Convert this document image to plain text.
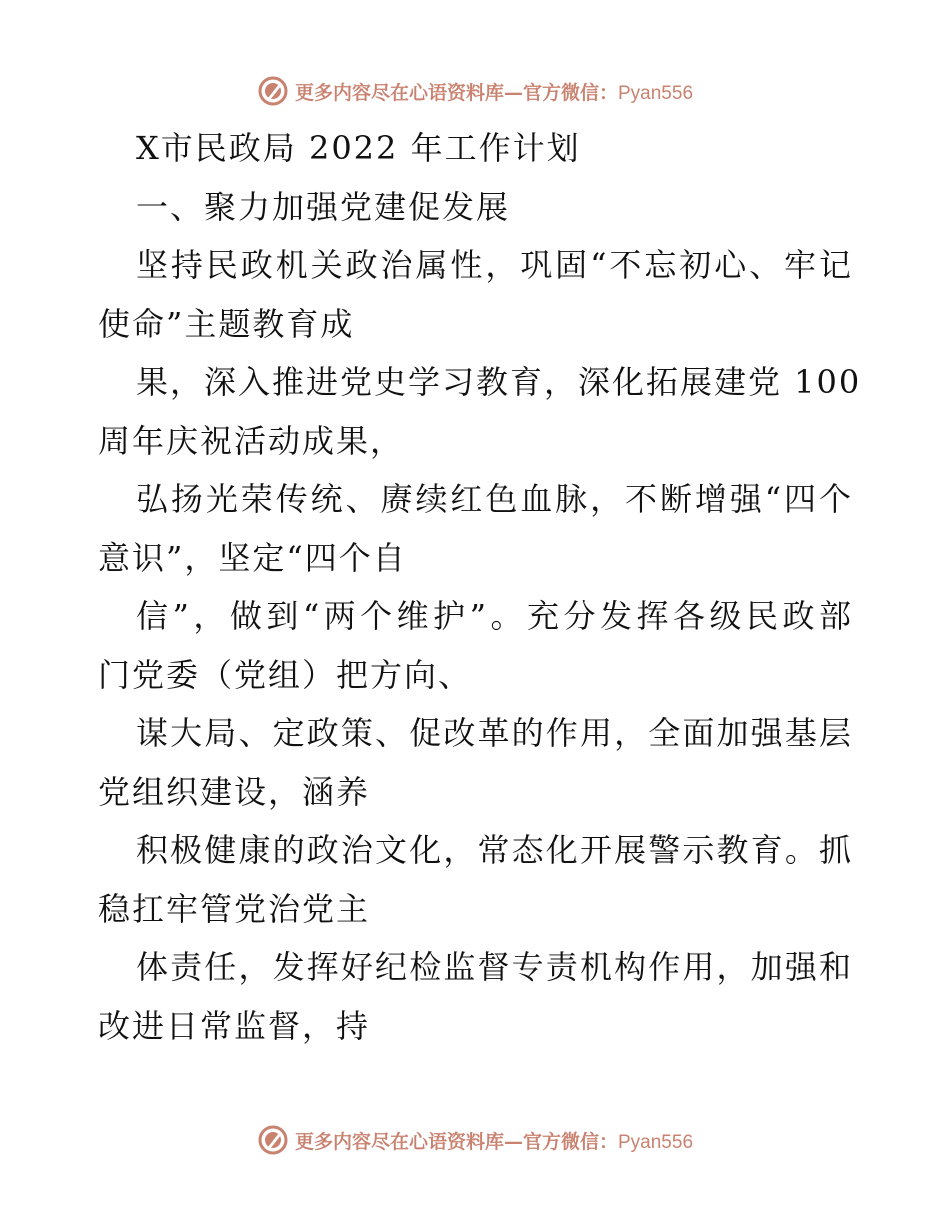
更多内容尽在心语资料库—官方微信：Pyan556
X市民政局 2022 年工作计划
一、聚力加强党建促发展
坚持民政机关政治属性，巩固“不忘初心、牢记
使命”主题教育成
果，深入推进党史学习教育，深化拓展建党 100
周年庆祝活动成果，
弘扬光荣传统、赓续红色血脉，不断增强“四个
意识”，坚定“四个自
信”，做到“两个维护”。充分发挥各级民政部
门党委（党组）把方向、
谋大局、定政策、促改革的作用，全面加强基层
党组织建设，涵养
积极健康的政治文化，常态化开展警示教育。抓
稳扛牢管党治党主
体责任，发挥好纪检监督专责机构作用，加强和
改进日常监督，持
更多内容尽在心语资料库—官方微信：Pyan556
